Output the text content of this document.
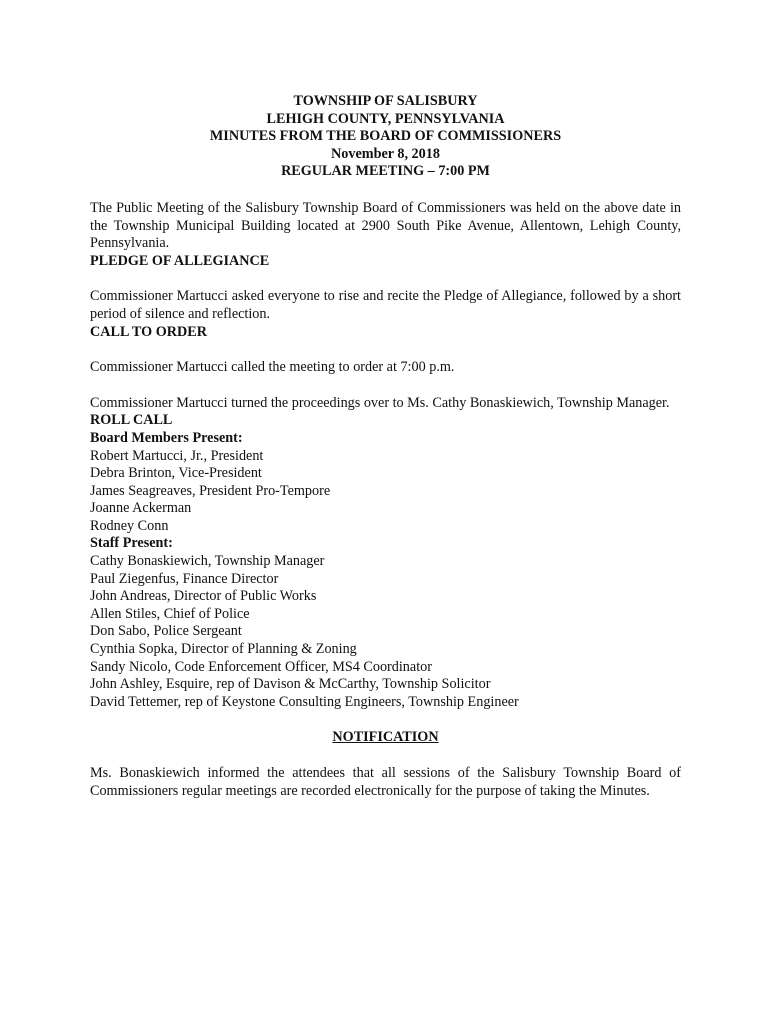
TOWNSHIP OF SALISBURY
LEHIGH COUNTY, PENNSYLVANIA
MINUTES FROM THE BOARD OF COMMISSIONERS
November 8, 2018
REGULAR MEETING – 7:00 PM

The Public Meeting of the Salisbury Township Board of Commissioners was held on the above date in the Township Municipal Building located at 2900 South Pike Avenue, Allentown, Lehigh County, Pennsylvania.

PLEDGE OF ALLEGIANCE

Commissioner Martucci asked everyone to rise and recite the Pledge of Allegiance, followed by a short period of silence and reflection.

CALL TO ORDER

Commissioner Martucci called the meeting to order at 7:00 p.m.

Commissioner Martucci turned the proceedings over to Ms. Cathy Bonaskiewich, Township Manager.

ROLL CALL
Board Members Present:
Robert Martucci, Jr., President
Debra Brinton, Vice-President
James Seagreaves, President Pro-Tempore
Joanne Ackerman
Rodney Conn
Staff Present:
Cathy Bonaskiewich, Township Manager
Paul Ziegenfus, Finance Director
John Andreas, Director of Public Works
Allen Stiles, Chief of Police
Don Sabo, Police Sergeant
Cynthia Sopka, Director of Planning & Zoning
Sandy Nicolo, Code Enforcement Officer, MS4 Coordinator
John Ashley, Esquire, rep of Davison & McCarthy, Township Solicitor
David Tettemer, rep of Keystone Consulting Engineers, Township Engineer
NOTIFICATION

Ms. Bonaskiewich informed the attendees that all sessions of the Salisbury Township Board of Commissioners regular meetings are recorded electronically for the purpose of taking the Minutes.
